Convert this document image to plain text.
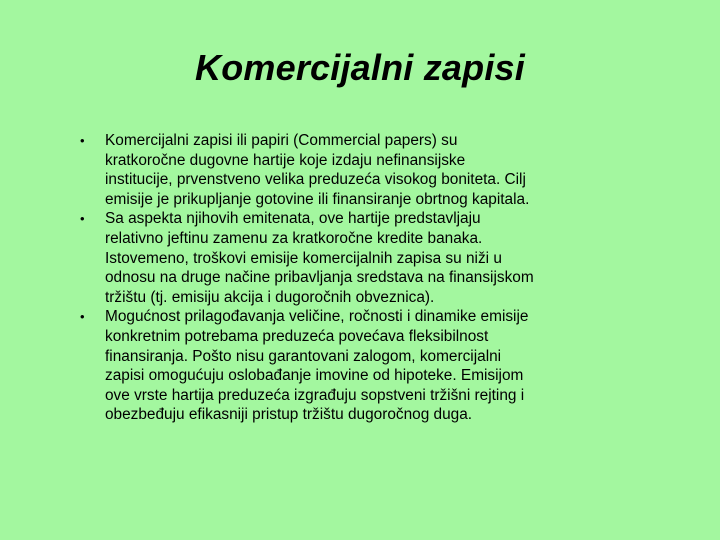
Komercijalni zapisi
• Komercijalni zapisi ili papiri (Commercial papers) su
kratkoročne dugovne hartije koje izdaju nefinansijske
institucije, prvenstveno velika preduzeća visokog boniteta. Cilj
emisije je prikupljanje gotovine ili finansiranje obrtnog kapitala.
• Sa aspekta njihovih emitenata, ove hartije predstavljaju
relativno jeftinu zamenu za kratkoročne kredite banaka.
Istovemeno, troškovi emisije komercijalnih zapisa su niži u
odnosu na druge načine pribavljanja sredstava na finansijskom
tržištu (tj. emisiju akcija i dugoročnih obveznica).
• Mogućnost prilagođavanja veličine, ročnosti i dinamike emisije
konkretnim potrebama preduzeća povećava fleksibilnost
finansiranja. Pošto nisu garantovani zalogom, komercijalni
zapisi omogućuju oslobađanje imovine od hipoteke. Emisijom
ove vrste hartija preduzeća izgrađuju sopstveni tržišni rejting i
obezbeđuju efikasniji pristup tržištu dugoročnog duga.
